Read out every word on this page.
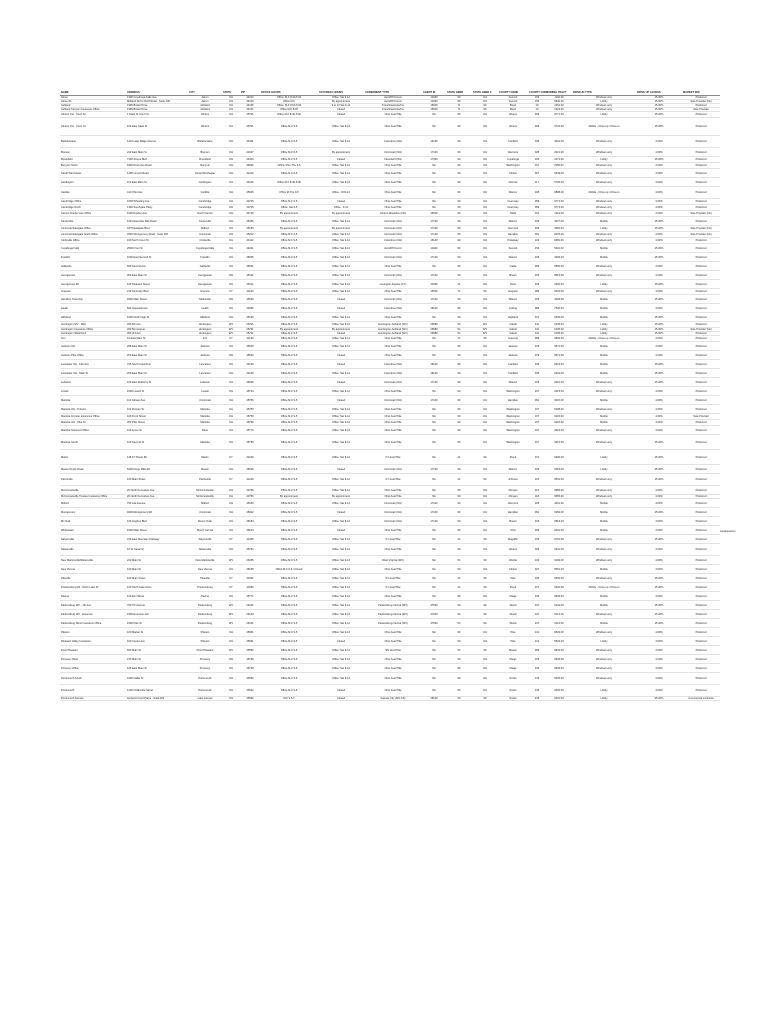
NAME	ADDRESS	CITY	STATE	ZIP	OFFICE HOURS	SATURDAY HOURS	AGREEMENT TYPE	AGENT ID	STATE ABBR	STATE ABBR 2	COUNTY NAME	COUNTY CODE	ZONING TRACT	DRIVE-IN TYPE	DRIVE UP ACCESS	MARKET FEE
Akron	1300 Cuyahoga Falls Ave	Akron	OH	44310	Office: M-F 8:30-5:00	Office: Sat 9-12	Auto/RT/Comm	10430	99	OH	Summit	153	1102.00	Windows only	15.00%	Preferred
Akron #2	Midland Dr/Co Rd 8 Road - Suite 200	Akron	OH	44313	Office M-F	By appointment	Auto/RT/Comm	10432	99	OH	Summit	153	5340.02	Lobby	15.00%	Sole Provider (No)
Ashland	1999 Bristol Drive	Ashland	OH	44105	Office: M-F 8:00-5:00	9 to 12 Sat 9-12	Franchise/Auto/Ins	15000	71	99	Boyd	19	1051.00	Windows only	15.00%	Preferred
Ashland Kenyon Insurance Office	1999 Bristol Drive	Ashland	OH	44101	Office M-F 8:30	Closed	Franchise/Auto/Ins	15000	71	99	Boyd	19	1024.00	Windows only	15.00%	Sole Provider
Athens OH - Court St	1 State St Court St	Athens	OH	45701	Office M-F 8:30-5:00	Closed	Ohio Auto/Title	NA	99	OH	Athens	009	9771.00	Lobby	15.00%	Preferred
Athens OH - Court St	100 East State St	Athens	OH	45701	Office M-F 9-5	Office: Sat 9-12	Ohio Auto/Title	NA	99	OH	Athens	009	9734.00	Mobile - Drive-up / Drive-in	15.00%	Preferred
Bellefontaine	1216 Lake Ridge Avenue	Bellefontaine	OH	43311	Office M-F 8-5	Office: Sat 9-12	Columbus (OH)	16160	99	OH	Fairfield	045	3201.00	Windows only	4.00%	Preferred
Bremen	222 East Main St	Bremen	OH	43107	Office M-F 8-5	By appointment	Cincinnati (OH)	17140	99	OH	Clermont	025	2021.00	Windows only	4.00%	Preferred
Brookfield	7400 Strupe Blvd	Brookfield	OH	44403	Office M-F 9-5	Closed	Cleveland (OH)	17460	99	OH	Cuyahoga	035	1071.00	Lobby	15.00%	Preferred
Bucyrus North	1800 Rush Ave Road	Bucyrus	OH	44820	Office: Mon-Thu 9-5	Office: Sat 9-12	Ohio Auto/Title	NA	99	OH	Washington	167	2055.01	Windows only	4.00%	Preferred
Canal Winchester	1200 Lincoln Road	Canal Winchester	OH	43110	Office M-F 8-5	Office: Sat 9-12	Ohio Auto/Title	NA	99	OH	Clinton	027	9649.00	Windows only	4.00%	Preferred
Cardington	110 East Main St	Cardington	OH	43315	Office M-F 8:30-5:00	Office: Sat 9-12	Ohio Auto/Title	NA	99	OH	Morrow	117	9706.00	Windows only	4.00%	Preferred
Carlisle	410 Ohio Ave	Carlisle	OH	45005	Office M-Thu 9-5	Office - 9:00-12	Ohio Auto/Title	NA	99	OH	Warren	165	9898.00	Mobile - Drive-up / Drive-in	4.00%	Preferred
Cambridge Office	1009 Wheeling Ave	Cambridge	OH	43725	Office M-F 9-5	Closed	Ohio Auto/Title	NA	99	OH	Guernsey	059	9771.00	Windows only	4.00%	Preferred
Cambridge North	1300 Southgate Pkwy	Cambridge	OH	43725	Office: Sat 9-5	Office - 9-12	Ohio Auto/Title	NA	99	OH	Guernsey	059	9773.00	Windows only	4.00%	Preferred
Canton Dueber Ave Office	1100 Dueber Ave	North Canton	OH	44720	By appointment	By appointment	Canton-Massillon (OH)	15940	99	OH	Stark	151	7216.00	Windows only	4.00%	Sole Provider (No)
Centerville	1001 East Alex Bell Road	Centerville	OH	45459	Office M-F 9-5	Office: Sat 9-12	Cincinnati (OH)	17140	99	OH	Warren	165	3227.00	Mobile	15.00%	Preferred
Cincinnati Eastgate Office	4475 Eastgate Blvd	Milford	OH	45150	By appointment	By appointment	Cincinnati (OH)	17140	99	OH	Clermont	025	4060.00	Lobby	15.00%	Sole Provider (No)
Cincinnati Eastgate North Office	4500 Montgomery Road - Suite 200	Cincinnati	OH	45212	Office M-F 9-5	Office: Sat 9-12	Cincinnati (OH)	17140	99	OH	Hamilton	061	0075.00	Windows only	4.00%	Sole Provider (No)
Circleville Office	100 North Court St	Circleville	OH	43113	Office M-F 9-5	Office: Sat 9-12	Columbus (OH)	18140	99	OH	Pickaway	129	9681.00	Windows only	4.00%	Preferred
Cuyahoga Falls	2500 Front St	Cuyahoga Falls	OH	44221	Office M-F 9-5	Office: Sat 9-12	Auto/RT/Comm	10420	99	OH	Summit	153	5301.00	Mobile	15.00%	Preferred
Franklin	1000 East Second St	Franklin	OH	45005	Office M-F 9-5	Office: Sat 9-12	Cincinnati (OH)	17140	99	OH	Warren	165	3205.00	Mobile	15.00%	Preferred
Gallipolis	600 Second Ave	Gallipolis	OH	45631	Office M-F 9-5	Office: Sat 9-12	Ohio Auto/Title	NA	99	OH	Gallia	053	9560.00	Windows only	4.00%	Preferred
Georgetown	300 East Main St	Georgetown	OH	45121	Office M-F 9-5	Office: Sat 9-12	Cincinnati (OH)	17140	99	OH	Brown	015	9515.00	Windows only	4.00%	Preferred
Georgetown #2	100 Pleasant Street	Georgetown	OH	45121	Office M-F 9-5	Office: Sat 9-12	Lexington-Fayette (KY)	30460	21	OH	Scott	209	0402.00	Lobby	15.00%	Preferred
Grayson	210 Kentucky Blvd	Grayson	KY	41143	Office M-F 9-5	Office: Sat 9-12	Ohio Auto/Title	15000	71	99	Grayson	089	0401.00	Windows only	4.00%	Preferred
Hamilton Township	9200 Main Street	Maineville	OH	45039	Office M-F 9-5	Closed	Cincinnati (OH)	17140	99	OH	Warren	165	3205.00	Mobile	15.00%	Preferred
Heath	500 Hopewell Ave	Heath	OH	43056	Office M-F 9-5	Closed	Columbus (OH)	18140	99	OH	Licking	089	7520.00	Mobile	4.00%	Preferred
Hillsboro	1000 North High St	Hillsboro	OH	45133	Office M-F 9-5	Office: Sat 9-12	Ohio Auto/Title	NA	99	OH	Highland	071	9540.00	Mobile	15.00%	Preferred
Huntington WV - Mall	200 5th Ave	Huntington	WV	25701	Office M-F 9-5	Office: Sat 9-12	Huntington-Ashland (WV)	26580	54	WV	Cabell	011	0105.00	Lobby	15.00%	Preferred
Huntington Insurance Office	200 5th Avenue	Huntington	WV	25701	By appointment	By appointment	Huntington-Ashland (WV)	26580	54	WV	Cabell	011	0105.00	Lobby	15.00%	Sole Provider (No)
Huntington Waterfront	300 3rd Ave	Huntington	WV	25701	Office M-F 9-5	Closed	Huntington-Ashland (WV)	26580	54	WV	Cabell	011	0105.00	Lobby	15.00%	Preferred
Iron	10 East Main St	Iron	KY	41139	Office M-F 9-5	Office: Sat 9-12	Ohio Auto/Title	NA	71	99	Greenup	089	9502.00	Mobile - Drive-up / Drive-in	4.00%	Preferred
Jackson OH	288 East Main St	Jackson	OH	45640	Office M-F 9-5	Office: Sat 9-12	Ohio Auto/Title	NA	99	OH	Jackson	079	9571.00	Mobile	4.00%	Preferred
Jackson Pike Office	200 East Main St	Jackson	OH	45640	Office M-F 9-5	Closed	Ohio Auto/Title	NA	99	OH	Jackson	079	9571.00	Mobile	4.00%	Preferred
Lancaster OH - Fair Ave	725 North Columbus	Lancaster	OH	43130	Office M-F 9-5	Closed	Columbus (OH)	18140	99	OH	Fairfield	045	0323.00	Mobile	15.00%	Preferred
Lancaster OH - Main St	200 East Main St	Lancaster	OH	43130	Office M-F 9-5	Office: Sat 9-12	Columbus (OH)	18140	99	OH	Fairfield	045	0323.00	Mobile	15.00%	Preferred
Lebanon	100 East Mulberry St	Lebanon	OH	45036	Office M-F 9-5	Closed	Cincinnati (OH)	17140	99	OH	Warren	165	0310.00	Windows only	15.00%	Preferred
Lowell	1000 Lowell St	Lowell	OH	45744	Office M-F 9-5	Office: Sat 9-12	Ohio Auto/Title	NA	99	OH	Washington	167	0215.00	Windows only	4.00%	Preferred
Marietta	110 Gilman Ave	Cincinnati	OH	45750	Office M-F 9-5	Closed	Cincinnati (OH)	17140	99	OH	Hamilton	061	0215.00	Mobile	4.00%	Preferred
Marietta OH - Putnam	110 Putnam St	Marietta	OH	45750	Office M-F 9-5	Office: Sat 9-12	Ohio Auto/Title	NA	99	OH	Washington	167	0208.00	Windows only	4.00%	Preferred
Marietta Frontier Insurance Office	100 Front Street	Marietta	OH	45750	Office M-F 9-5	Office: Sat 9-12	Ohio Auto/Title	NA	99	OH	Washington	167	0215.00	Mobile	4.00%	Sole Provider
Marietta OH - Pike St	300 Pike Street	Marietta	OH	45750	Office M-F 9-5	Office: Sat 9-12	Ohio Auto/Title	NA	99	OH	Washington	167	0215.00	Mobile	4.00%	Preferred
Marietta Norwood Office	100 Acme St	Reno	OH	45773	Office M-F 9-5	Office: Sat 9-12	Ohio Auto/Title	NA	99	OH	Washington	167	0215.00	Windows only	4.00%	Preferred
Marietta South	100 Second St	Marietta	OH	45750	Office M-F 9-5	Office: Sat 9-12	Ohio Auto/Title	NA	99	OH	Washington	167	0216.00	Windows only	15.00%	Preferred
Martin	128 KY Route 80	Martin	KY	41649	Office M-F 9-5	Office: Sat 9-12	KY Auto/Title	NA	21	99	Floyd	071	9200.00	Lobby	15.00%	Preferred
Mason Route Road	5200 Kings Mills Rd	Mason	OH	45040	Office M-F 9-5	Closed	Cincinnati (OH)	17140	99	OH	Warren	165	0315.00	Lobby	25.00%	Preferred
Paintsville	100 Main Street	Paintsville	KY	41240	Office M-F 9-5	Office: Sat 9-12	KY Auto/Title	NA	21	99	Johnson	115	9501.00	Windows only	15.00%	Preferred
McConnelsville	20 North Kennebec Ave	McConnelsville	OH	43756	Office M-F 9-5	Office: Sat 9-12	Ohio Auto/Title	NA	99	OH	Morgan	115	9655.00	Windows only	4.00%	Preferred
McConnelsville Trustee Insurance Office	20 North Kennebec Ave	McConnelsville	OH	43756	By appointment	By appointment	Ohio Auto/Title	NA	99	OH	Morgan	115	9655.00	Windows only	4.00%	Preferred
Milford	700 Lila Avenue	Milford	OH	45150	Office M-F 9-5	Office: Sat 9-12	Cincinnati (OH)	17140	99	OH	Clermont	025	4001.00	Mobile	4.00%	Preferred
Montgomery	9200 Montgomery Rd	Cincinnati	OH	45242	Office M-F 9-5	Closed	Cincinnati (OH)	17140	99	OH	Hamilton	061	0254.00	Mobile	15.00%	Preferred
Mt Orab	100 Hughes Blvd	Mount Orab	OH	45154	Office M-F 9-5	Office: Sat 9-12	Cincinnati (OH)	17140	99	OH	Brown	015	9515.00	Mobile	4.00%	Preferred
Whitewater	1500 Main Street	Mount Carmel	OH	45244	Office M-F 9-5	Closed	Ohio Auto/Title	NA	99	OH	Ohio	009	0401.00	Mobile	4.00%	Preferred
Salyersville	310 East Mountain Parkway	Salyersville	KY	41465	Office M-F 9-5	Office: Sat 9-12	KY Auto/Title	NA	21	99	Magoffin	153	9701.00	Windows only	15.00%	Preferred
Nelsonville	10 W Canal St	Nelsonville	OH	45764	Office M-F 9-5	Office: Sat 9-12	Ohio Auto/Title	NA	99	OH	Athens	009	0241.00	Windows only	4.00%	Preferred
New Martinsville/Sistersville	222 Main St	New Martinsville	WV	26155	Office M-F 9-5	Office: Sat 9-12	West Virginia (WV)	NA	54	99	Wetzel	103	0103.00	Windows only	4.00%	Preferred
New Vienna	100 Main St	New Vienna	OH	45159	Office M-F 9-5 / Closed	Office: Sat 9-12	Ohio Auto/Title	NA	99	OH	Clinton	027	9651.00	Mobile	4.00%	Preferred
Pikeville	100 Main Street	Pikeville	KY	41501	Office M-F 9-5	Office: Sat 9-12	KY Auto/Title	NA	21	99	Pike	195	9302.00	Windows only	15.00%	Preferred
Prestonsburg #2 - North Lake Dr	100 North Lake Drive	Prestonsburg	KY	41653	Office M-F 9-5	Office: Sat 9-12	KY Auto/Title	NA	21	99	Floyd	071	9202.00	Mobile - Drive-up / Drive-in	15.00%	Preferred
Racine	100 Elm Street	Racine	OH	45771	Office M-F 9-5	Office: Sat 9-12	Ohio Auto/Title	NA	99	OH	Meigs	105	9645.00	Mobile	4.00%	Preferred
Parkersburg WV - 7th Ave	700 7th Avenue	Parkersburg	WV	26101	Office M-F 9-5	Office: Sat 9-12	Parkersburg-Vienna (WV)	37620	54	99	Wood	107	0102.00	Mobile	15.00%	Preferred
Parkersburg WV - Emerson	1500 Emerson Ave	Parkersburg	WV	26104	Office M-F 9-5	Office: Sat 9-12	Parkersburg-Vienna (WV)	37620	54	99	Wood	107	0113.00	Windows only	15.00%	Preferred
Parkersburg West Insurance Office	1500 Pike St	Parkersburg	WV	26101	Office M-F 9-5	Office: Sat 9-12	Parkersburg-Vienna (WV)	37620	54	99	Wood	107	0114.00	Mobile	15.00%	Preferred
Piketon	100 Market St	Piketon	OH	45661	Office M-F 9-5	Office: Sat 9-12	Ohio Auto/Title	NA	99	OH	Pike	131	9523.00	Windows only	4.00%	Preferred
Pleasant Valley Insurance	100 Center Ave	Piketon	OH	45661	Office M-F 9-5	Closed	Ohio Auto/Title	NA	99	OH	Pike	131	9523.00	Lobby	4.00%	Preferred
Point Pleasant	600 Main St	Point Pleasant	WV	25550	Office M-F 9-5	Office: Sat 9-12	WV Auto/Title	NA	54	99	Mason	053	9542.00	Windows only	4.00%	Preferred
Pomeroy West	210 Main St	Pomeroy	OH	45769	Office M-F 9-5	Office: Sat 9-12	Ohio Auto/Title	NA	99	OH	Meigs	105	9645.00	Windows only	4.00%	Preferred
Pomeroy Office	125 East Main St	Pomeroy	OH	45769	Office M-F 9-5	Office: Sat 9-12	Ohio Auto/Title	NA	99	OH	Meigs	105	9645.00	Windows only	4.00%	Preferred
Portsmouth South	1600 Gallia St	Portsmouth	OH	45662	Office M-F 9-5	Office: Sat 9-12	Ohio Auto/Title	NA	99	OH	Scioto	145	0035.00	Windows only	4.00%	Preferred
Portsmouth	1200 Chillicothe Street	Portsmouth	OH	45662	Office M-F 9-5	Closed	Ohio Auto/Title	NA	99	OH	Scioto	145	0035.00	Lobby	4.00%	Preferred
Portsmouth Terrace	Amherst Court Plaza - Suite 200	Lake Carmel	OH	45662	M-F 9-5 T	Closed	Kansas City (MO-KS)	28140	29	99	Scioto	145	0201.00	Lobby	25.00%	Commercial exclusive
Headquarters
